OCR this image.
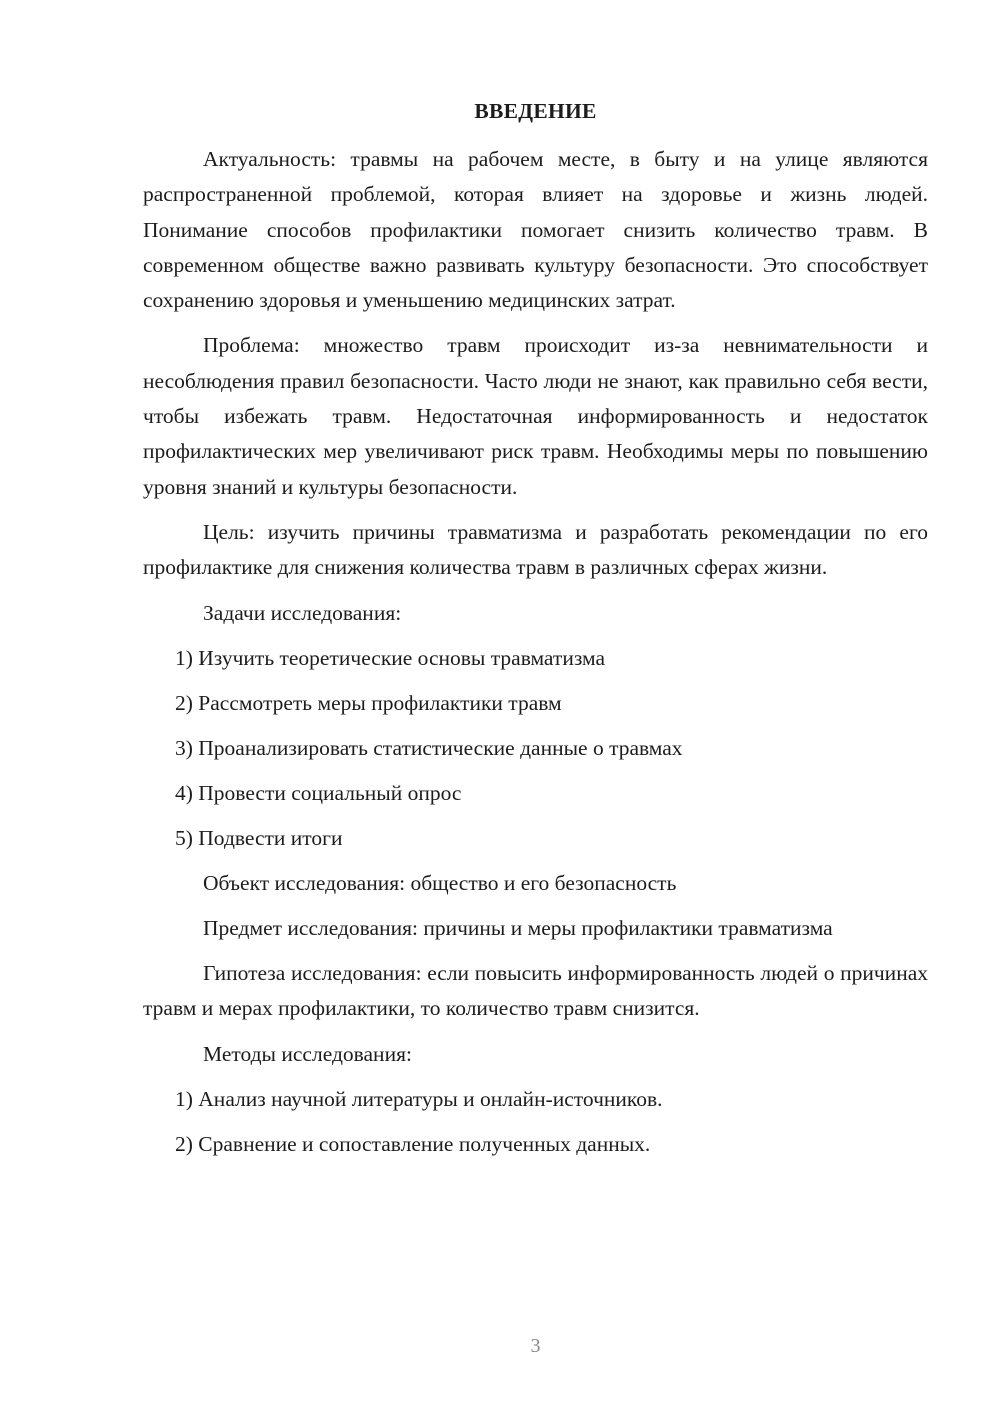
ВВЕДЕНИЕ

Актуальность: травмы на рабочем месте, в быту и на улице являются распространенной проблемой, которая влияет на здоровье и жизнь людей. Понимание способов профилактики помогает снизить количество травм. В современном обществе важно развивать культуру безопасности. Это способствует сохранению здоровья и уменьшению медицинских затрат.

Проблема: множество травм происходит из-за невнимательности и несоблюдения правил безопасности. Часто люди не знают, как правильно себя вести, чтобы избежать травм. Недостаточная информированность и недостаток профилактических мер увеличивают риск травм. Необходимы меры по повышению уровня знаний и культуры безопасности.

Цель: изучить причины травматизма и разработать рекомендации по его профилактике для снижения количества травм в различных сферах жизни.

Задачи исследования:

1) Изучить теоретические основы травматизма

2) Рассмотреть меры профилактики травм

3) Проанализировать статистические данные о травмах

4) Провести социальный опрос

5) Подвести итоги

Объект исследования: общество и его безопасность

Предмет исследования: причины и меры профилактики травматизма

Гипотеза исследования: если повысить информированность людей о причинах травм и мерах профилактики, то количество травм снизится.

Методы исследования:

1) Анализ научной литературы и онлайн-источников.

2) Сравнение и сопоставление полученных данных.

3
